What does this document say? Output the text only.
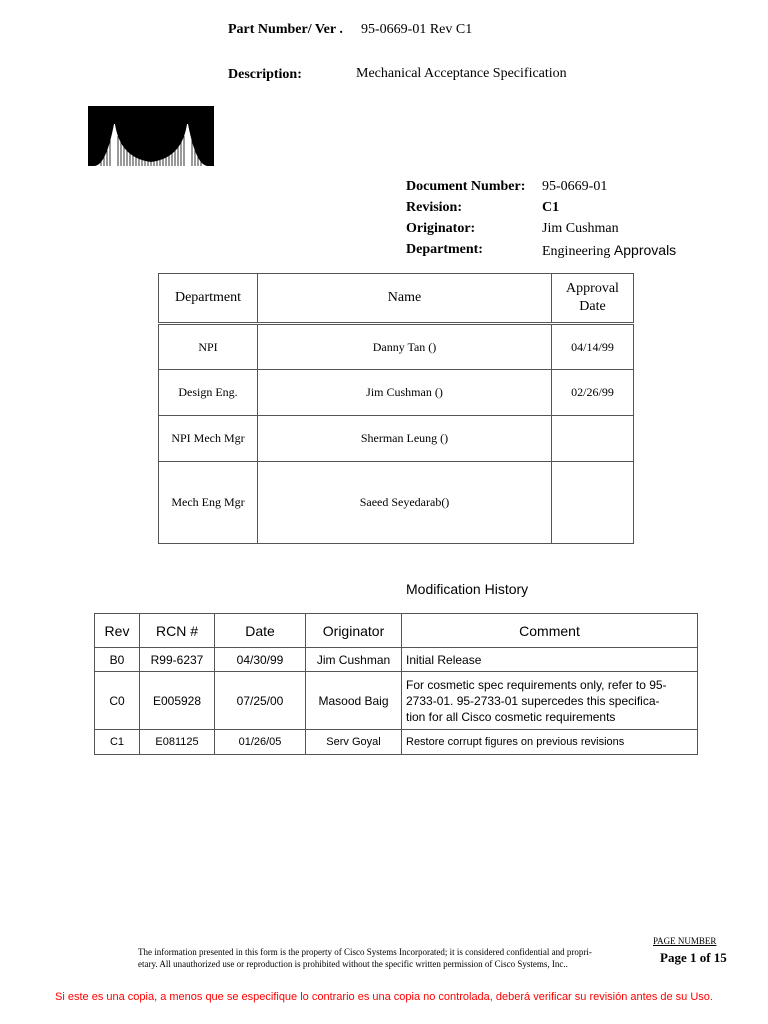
Part Number/ Ver . 95-0669-01 Rev C1
Description:	Mechanical Acceptance Specification
Document Number: 95-0669-01
Revision:	C1
Originator:	Jim Cushman
Department:	Engineering Approvals
Department	Name	Approval
Date
NPI	Danny Tan ()	04/14/99
Design Eng.	Jim Cushman ()	02/26/99
NPI Mech Mgr	Sherman Leung ()	
Mech Eng Mgr	Saeed Seyedarab()	
Modification History
Rev	RCN #	Date	Originator	Comment
B0	R99-6237	04/30/99	Jim Cushman	Initial Release
C0	E005928	07/25/00	Masood Baig	For cosmetic spec requirements only, refer to 95-
2733-01. 95-2733-01 supercedes this specifica-
tion for all Cisco cosmetic requirements

C1	E081125	01/26/05	Serv Goyal	Restore corrupt figures on previous revisions
The information presented in this form is the property of Cisco Systems Incorporated; it is considered confidential and propri-
etary. All unauthorized use or reproduction is prohibited without the specific written permission of Cisco Systems, Inc..
PAGE NUMBER
Page 1 of 15
Si este es una copia, a menos que se especifique lo contrario es una copia no controlada, deberá verificar su revisión antes de su Uso.
